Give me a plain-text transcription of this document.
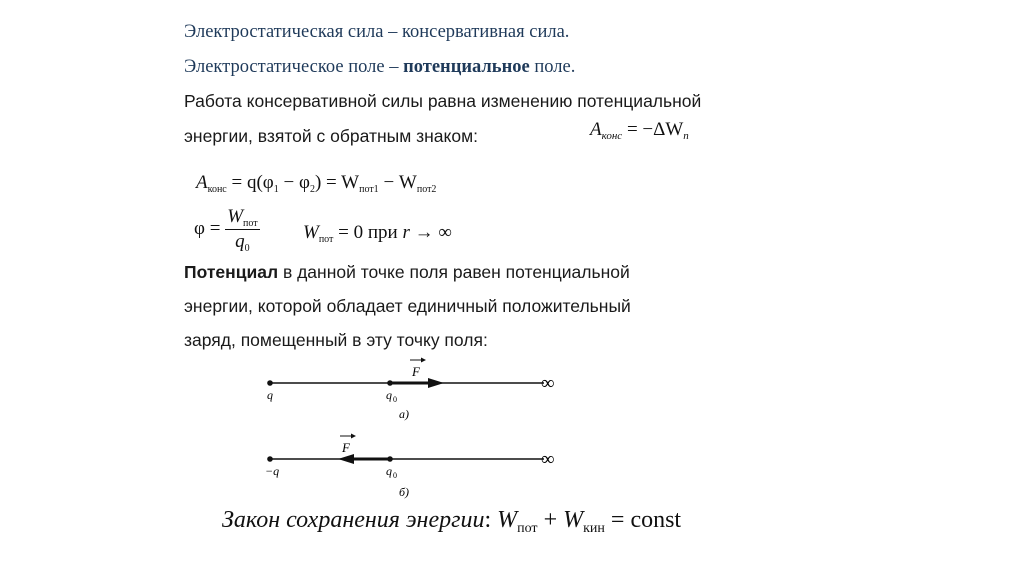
Электростатическая сила – консервативная сила.
Электростатическое поле – потенциальное поле.
Работа консервативной силы равна изменению потенциальной
энергии, взятой с обратным знаком:	$A_{конс} = -\Delta W_п$
$A_{конс} = q(\varphi_1 - \varphi_2) = W_{пот1} - W_{пот2}$
$\varphi = \frac{W_{пот}}{q_0} W_{пот} = 0$ при r → ∞
Потенциал в данной точке поля равен потенциальной
энергии, которой обладает единичный положительный
заряд, помещенный в эту точку поля:
F
∞
q	q 0
а)
F
∞
−q	q 0
б)
Закон сохранения энергии: $W_{пот} + W_{кин}$ = const
